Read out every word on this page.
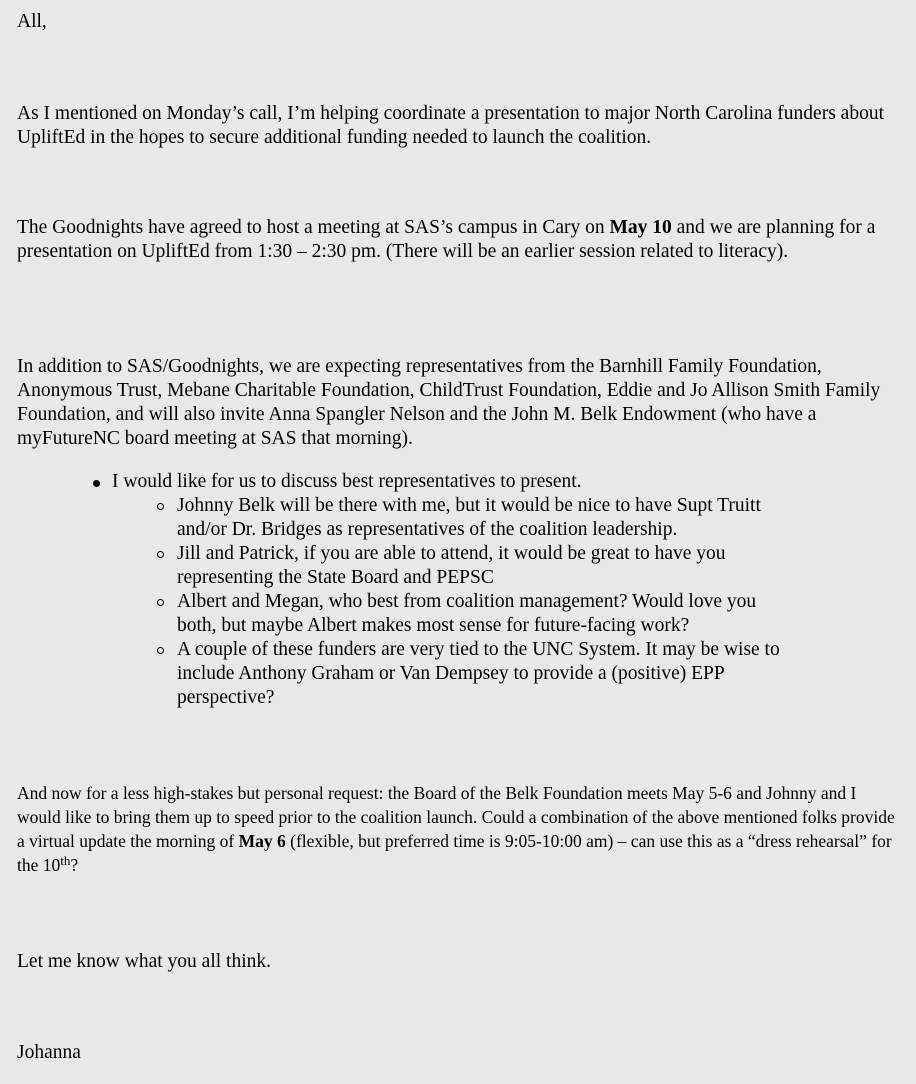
All,

As I mentioned on Monday’s call, I’m helping coordinate a presentation to major North Carolina funders about UpliftEd in the hopes to secure additional funding needed to launch the coalition.

The Goodnights have agreed to host a meeting at SAS’s campus in Cary on May 10 and we are planning for a presentation on UpliftEd from 1:30 – 2:30 pm. (There will be an earlier session related to literacy).

In addition to SAS/Goodnights, we are expecting representatives from the Barnhill Family Foundation, Anonymous Trust, Mebane Charitable Foundation, ChildTrust Foundation, Eddie and Jo Allison Smith Family Foundation, and will also invite Anna Spangler Nelson and the John M. Belk Endowment (who have a myFutureNC board meeting at SAS that morning).

I would like for us to discuss best representatives to present.
Johnny Belk will be there with me, but it would be nice to have Supt Truitt and/or Dr. Bridges as representatives of the coalition leadership.
Jill and Patrick, if you are able to attend, it would be great to have you representing the State Board and PEPSC
Albert and Megan, who best from coalition management? Would love you both, but maybe Albert makes most sense for future-facing work?
A couple of these funders are very tied to the UNC System. It may be wise to include Anthony Graham or Van Dempsey to provide a (positive) EPP perspective?

And now for a less high-stakes but personal request: the Board of the Belk Foundation meets May 5-6 and Johnny and I would like to bring them up to speed prior to the coalition launch. Could a combination of the above mentioned folks provide a virtual update the morning of May 6 (flexible, but preferred time is 9:05-10:00 am) – can use this as a “dress rehearsal” for the 10th?

Let me know what you all think.

Johanna
